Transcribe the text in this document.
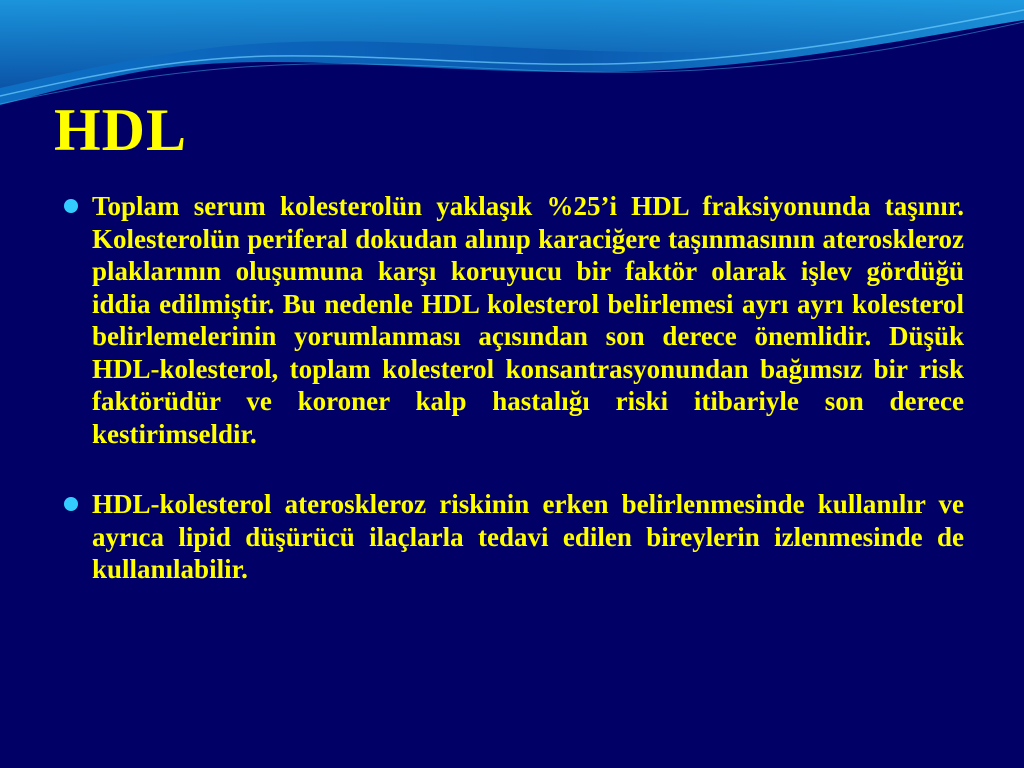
HDL
Toplam serum kolesterolün yaklaşık %25’i HDL fraksiyonunda taşınır. Kolesterolün periferal dokudan alınıp karaciğere taşınmasının ateroskleroz plaklarının oluşumuna karşı koruyucu bir faktör olarak işlev gördüğü iddia edilmiştir. Bu nedenle HDL kolesterol belirlemesi ayrı ayrı kolesterol belirlemelerinin yorumlanması açısından son derece önemlidir. Düşük HDL-kolesterol, toplam kolesterol konsantrasyonundan bağımsız bir risk faktörüdür ve koroner kalp hastalığı riski itibariyle son derece kestirimseldir.
HDL-kolesterol ateroskleroz riskinin erken belirlenmesinde kullanılır ve ayrıca lipid düşürücü ilaçlarla tedavi edilen bireylerin izlenmesinde de kullanılabilir.
